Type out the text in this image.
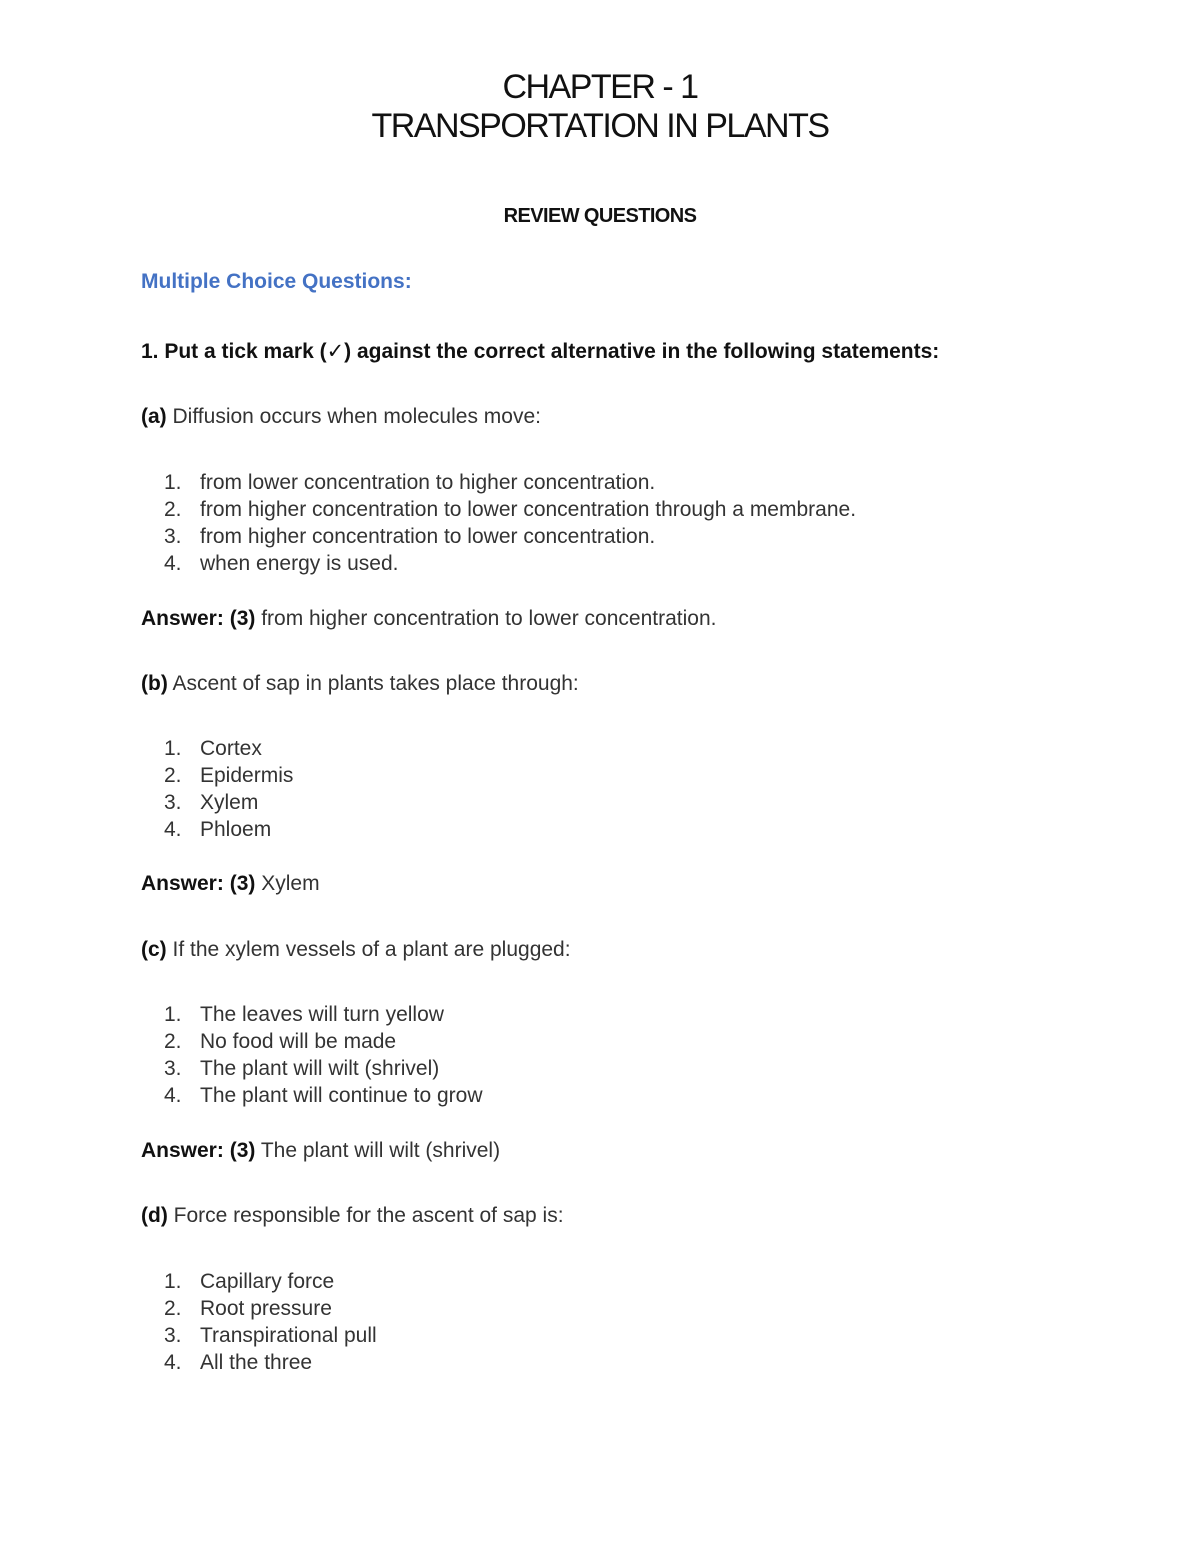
CHAPTER - 1
TRANSPORTATION IN PLANTS
REVIEW QUESTIONS
Multiple Choice Questions:
1. Put a tick mark (✓) against the correct alternative in the following statements:
(a) Diffusion occurs when molecules move:
1. from lower concentration to higher concentration.
2. from higher concentration to lower concentration through a membrane.
3. from higher concentration to lower concentration.
4. when energy is used.
Answer: (3) from higher concentration to lower concentration.
(b) Ascent of sap in plants takes place through:
1. Cortex
2. Epidermis
3. Xylem
4. Phloem
Answer: (3) Xylem
(c) If the xylem vessels of a plant are plugged:
1. The leaves will turn yellow
2. No food will be made
3. The plant will wilt (shrivel)
4. The plant will continue to grow
Answer: (3) The plant will wilt (shrivel)
(d) Force responsible for the ascent of sap is:
1. Capillary force
2. Root pressure
3. Transpirational pull
4. All the three
